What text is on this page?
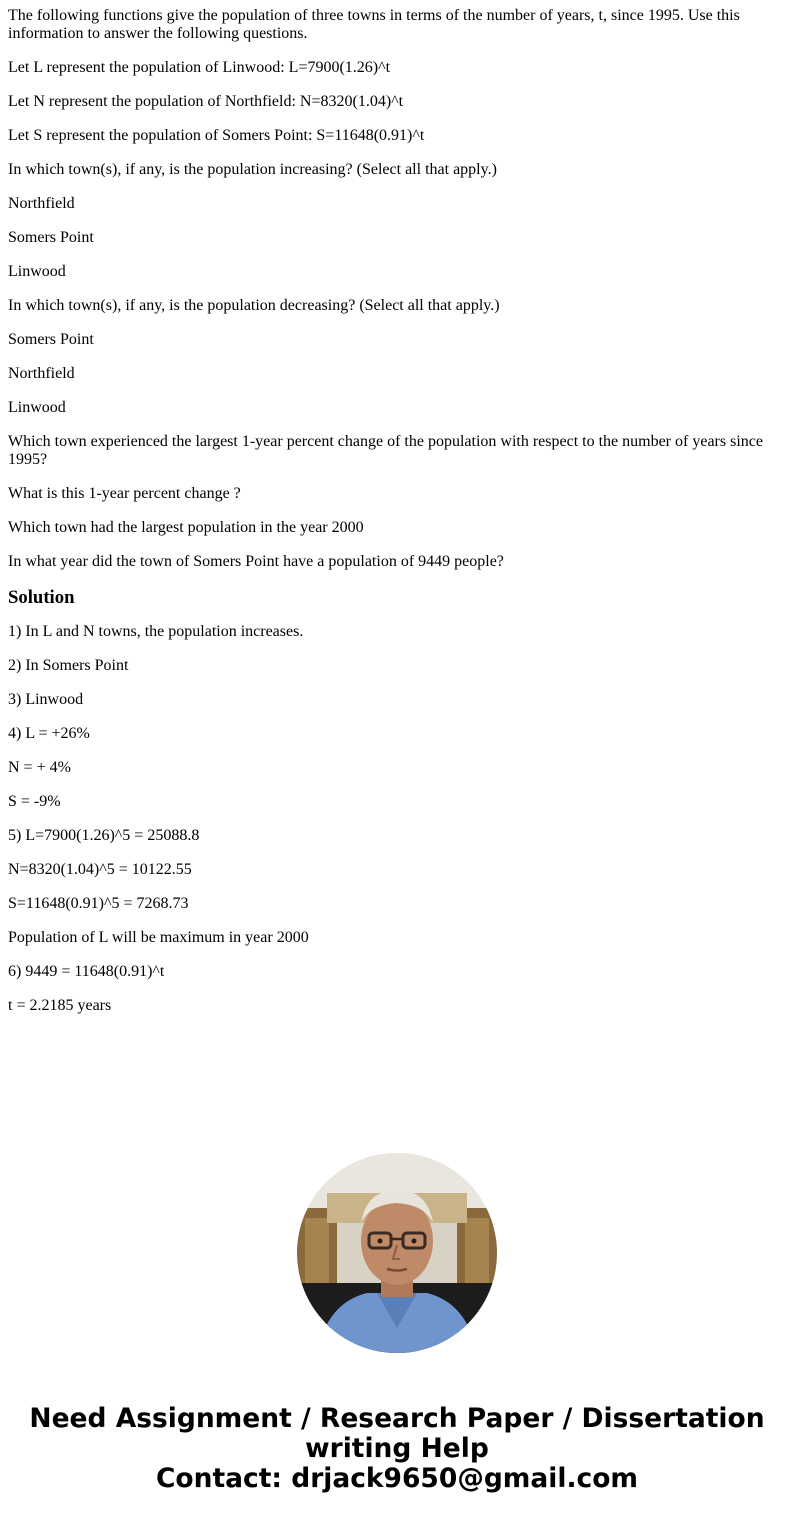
The following functions give the population of three towns in terms of the number of years, t, since 1995. Use this information to answer the following questions.

Let L represent the population of Linwood: L=7900(1.26)^t

Let N represent the population of Northfield: N=8320(1.04)^t

Let S represent the population of Somers Point: S=11648(0.91)^t

In which town(s), if any, is the population increasing? (Select all that apply.)

Northfield

Somers Point

Linwood

In which town(s), if any, is the population decreasing? (Select all that apply.)

Somers Point

Northfield

Linwood

Which town experienced the largest 1-year percent change of the population with respect to the number of years since 1995?

What is this 1-year percent change ?

Which town had the largest population in the year 2000

In what year did the town of Somers Point have a population of 9449 people?

Solution

1) In L and N towns, the population increases.

2) In Somers Point

3) Linwood

4) L = +26%

N = + 4%

S = -9%

5) L=7900(1.26)^5 = 25088.8

N=8320(1.04)^5 = 10122.55

S=11648(0.91)^5 = 7268.73

Population of L will be maximum in year 2000

6) 9449 = 11648(0.91)^t

t = 2.2185 years

Need Assignment / Research Paper / Dissertation
writing Help
Contact: drjack9650@gmail.com
